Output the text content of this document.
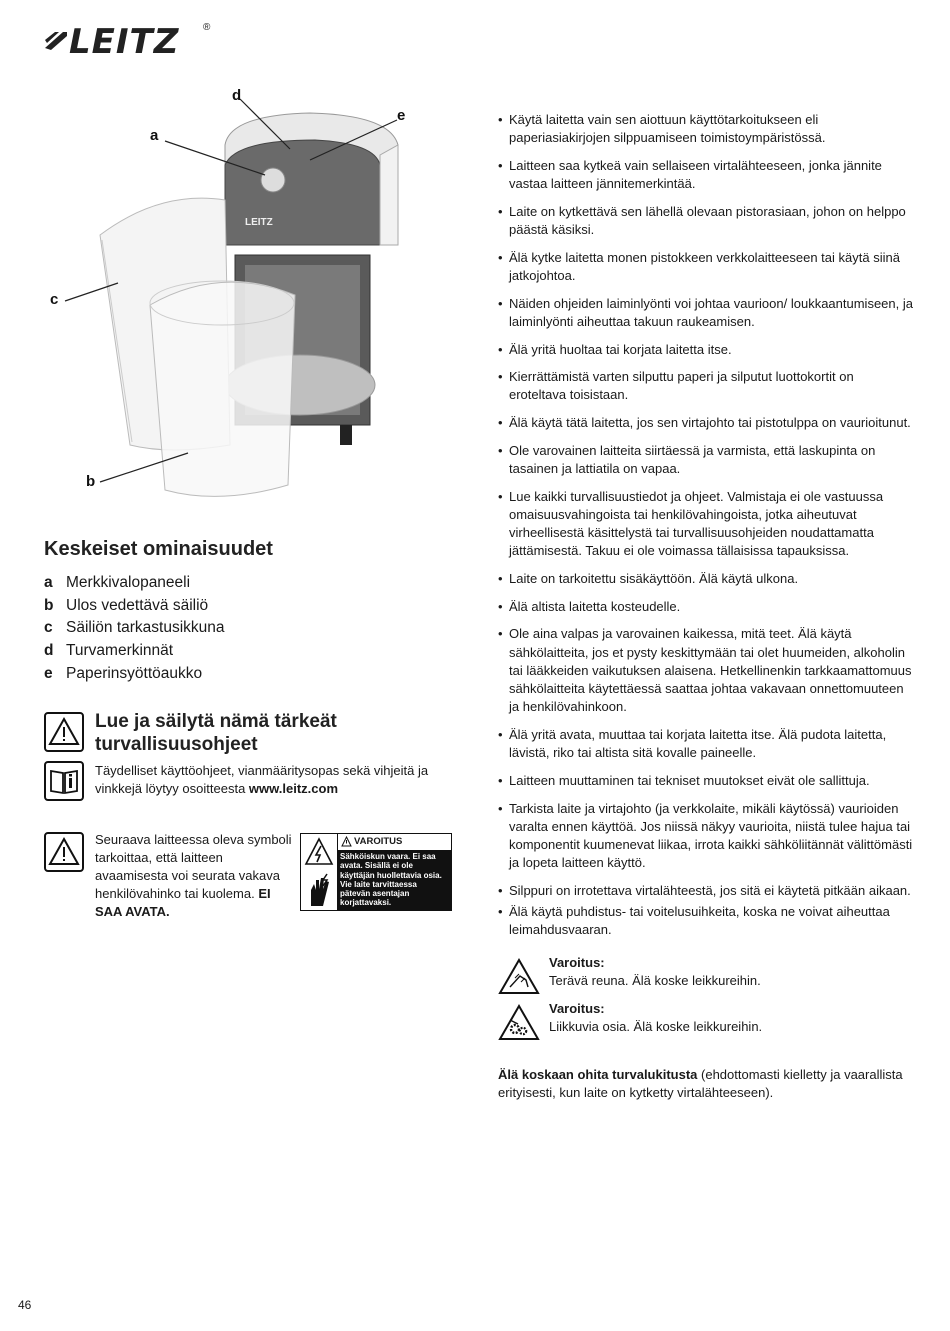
LEITZ ®
LEITZ
d
a
e
c
b
Keskeiset ominaisuudet
a Merkkivalopaneeli
b Ulos vedettävä säiliö
c Säiliön tarkastusikkuna
d Turvamerkinnät
e Paperinsyöttöaukko
Lue ja säilytä nämä tärkeät turvallisuusohjeet
Täydelliset käyttöohjeet, vianmääritysopas sekä vihjeitä ja vinkkejä löytyy osoitteesta www.leitz.com
Seuraava laitteessa oleva symboli tarkoittaa, että laitteen avaamisesta voi seurata vakava henkilövahinko tai kuolema. EI SAA AVATA.
VAROITUS
Sähköiskun vaara. Ei saa avata. Sisällä ei ole käyttäjän huollettavia osia. Vie laite tarvittaessa pätevän asentajan korjattavaksi.
• Käytä laitetta vain sen aiottuun käyttötarkoitukseen eli paperiasiakirjojen silppuamiseen toimistoympäristössä.
• Laitteen saa kytkeä vain sellaiseen virtalähteeseen, jonka jännite vastaa laitteen jännitemerkintää.
• Laite on kytkettävä sen lähellä olevaan pistorasiaan, johon on helppo päästä käsiksi.
• Älä kytke laitetta monen pistokkeen verkkolaitteeseen tai käytä siinä jatkojohtoa.
• Näiden ohjeiden laiminlyönti voi johtaa vaurioon/ loukkaantumiseen, ja laiminlyönti aiheuttaa takuun raukeamisen.
• Älä yritä huoltaa tai korjata laitetta itse.
• Kierrättämistä varten silputtu paperi ja silputut luottokortit on eroteltava toisistaan.
• Älä käytä tätä laitetta, jos sen virtajohto tai pistotulppa on vaurioitunut.
• Ole varovainen laitteita siirtäessä ja varmista, että laskupinta on tasainen ja lattiatila on vapaa.
• Lue kaikki turvallisuustiedot ja ohjeet. Valmistaja ei ole vastuussa omaisuusvahingoista tai henkilövahingoista, jotka aiheutuvat virheellisestä käsittelystä tai turvallisuusohjeiden noudattamatta jättämisestä. Takuu ei ole voimassa tällaisissa tapauksissa.
• Laite on tarkoitettu sisäkäyttöön. Älä käytä ulkona.
• Älä altista laitetta kosteudelle.
• Ole aina valpas ja varovainen kaikessa, mitä teet. Älä käytä sähkölaitteita, jos et pysty keskittymään tai olet huumeiden, alkoholin tai lääkkeiden vaikutuksen alaisena. Hetkellinenkin tarkkaamattomuus sähkölaitteita käytettäessä saattaa johtaa vakavaan onnettomuuteen ja henkilövahinkoon.
• Älä yritä avata, muuttaa tai korjata laitetta itse. Älä pudota laitetta, lävistä, riko tai altista sitä kovalle paineelle.
• Laitteen muuttaminen tai tekniset muutokset eivät ole sallittuja.
• Tarkista laite ja virtajohto (ja verkkolaite, mikäli käytössä) vaurioiden varalta ennen käyttöä. Jos niissä näkyy vaurioita, niistä tulee hajua tai komponentit kuumenevat liikaa, irrota kaikki sähköliitännät välittömästi ja lopeta laitteen käyttö.
• Silppuri on irrotettava virtalähteestä, jos sitä ei käytetä pitkään aikaan.
• Älä käytä puhdistus- tai voitelusuihkeita, koska ne voivat aiheuttaa leimahdusvaaran.
Varoitus:
Terävä reuna. Älä koske leikkureihin.
Varoitus:
Liikkuvia osia. Älä koske leikkureihin.
Älä koskaan ohita turvalukitusta (ehdottomasti kielletty ja vaarallista erityisesti, kun laite on kytketty virtalähteeseen).
46
